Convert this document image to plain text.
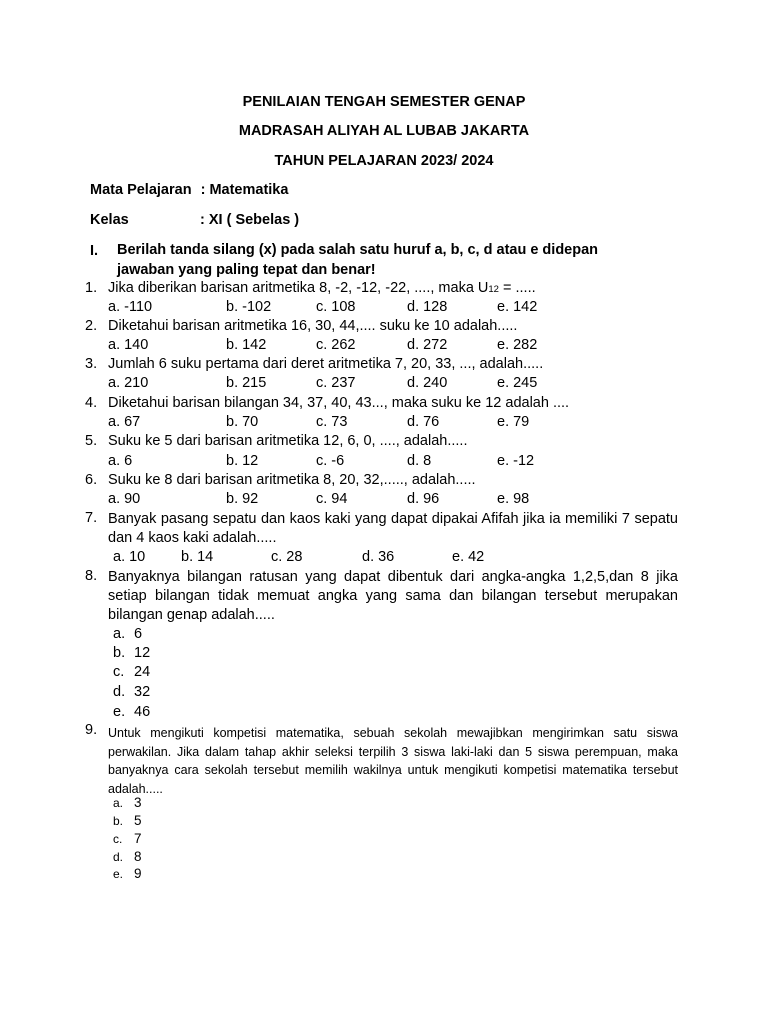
PENILAIAN TENGAH SEMESTER GENAP
MADRASAH ALIYAH AL LUBAB JAKARTA
TAHUN PELAJARAN 2023/ 2024
Mata Pelajaran : Matematika
Kelas	: XI ( Sebelas )
I. Berilah tanda silang (x) pada salah satu huruf a, b, c, d atau e didepan jawaban yang paling tepat dan benar!
1. Jika diberikan barisan aritmetika 8, -2, -12, -22, ...., maka U12 = .....
a. -110	b. -102	c. 108	d. 128	e. 142
2. Diketahui barisan aritmetika 16, 30, 44,.... suku ke 10 adalah.....
a. 140	b. 142	c. 262	d. 272	e. 282
3. Jumlah 6 suku pertama dari deret aritmetika 7, 20, 33, ..., adalah.....
a. 210	b. 215	c. 237	d. 240	e. 245
4. Diketahui barisan bilangan 34, 37, 40, 43..., maka suku ke 12 adalah ....
a. 67	b. 70	c. 73	d. 76	e. 79
5. Suku ke 5 dari barisan aritmetika 12, 6, 0, ...., adalah.....
a. 6	b. 12	c. -6	d. 8	e. -12
6. Suku ke 8 dari barisan aritmetika 8, 20, 32,....., adalah.....
a. 90	b. 92	c. 94	d. 96	e. 98
7. Banyak pasang sepatu dan kaos kaki yang dapat dipakai Afifah jika ia memiliki 7 sepatu dan 4 kaos kaki adalah.....
a. 10 b. 14	c. 28	d. 36	e. 42
8. Banyaknya bilangan ratusan yang dapat dibentuk dari angka-angka 1,2,5,dan 8 jika setiap bilangan tidak memuat angka yang sama dan bilangan tersebut merupakan bilangan genap adalah.....
a. 6
b. 12
c. 24
d. 32
e. 46
9. Untuk mengikuti kompetisi matematika, sebuah sekolah mewajibkan mengirimkan satu siswa perwakilan. Jika dalam tahap akhir seleksi terpilih 3 siswa laki-laki dan 5 siswa perempuan, maka banyaknya cara sekolah tersebut memilih wakilnya untuk mengikuti kompetisi matematika tersebut adalah.....
a. 3
b. 5
c. 7
d. 8
e. 9
